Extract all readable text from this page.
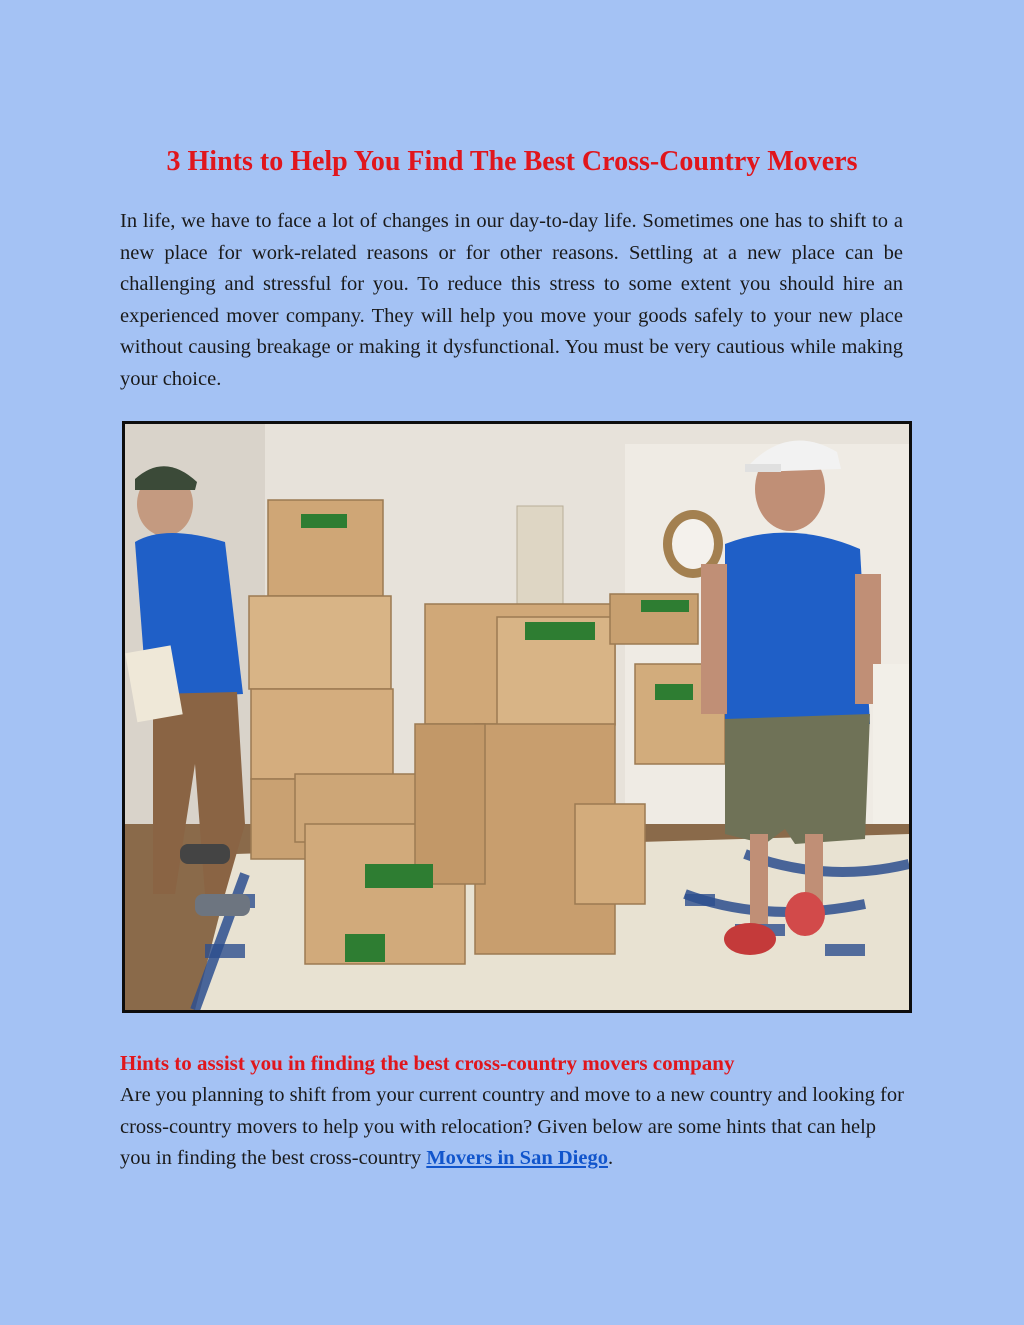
3 Hints to Help You Find The Best Cross-Country Movers

In life, we have to face a lot of changes in our day-to-day life. Sometimes one has to shift to a new place for work-related reasons or for other reasons. Settling at a new place can be challenging and stressful for you. To reduce this stress to some extent you should hire an experienced mover company. They will help you move your goods safely to your new place without causing breakage or making it dysfunctional. You must be very cautious while making your choice.

Hints to assist you in finding the best cross-country movers company

Are you planning to shift from your current country and move to a new country and looking for cross-country movers to help you with relocation? Given below are some hints that can help you in finding the best cross-country Movers in San Diego.
